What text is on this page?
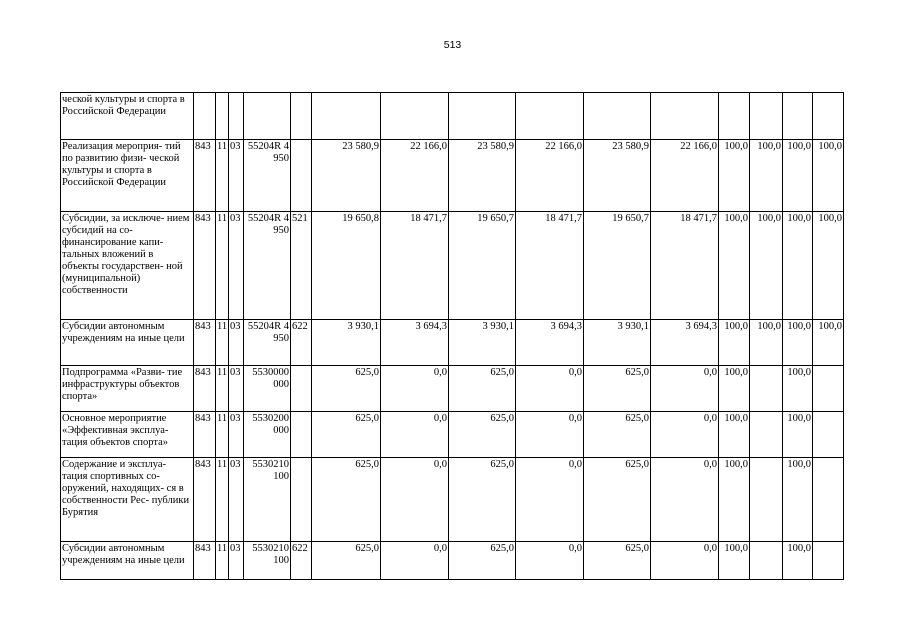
513
ческой культуры и спорта в Российской Федерации															
Реализация мероприя- тий по развитию физи- ческой культуры и спорта в Российской Федерации	843	11	03	55204R 4950		23 580,9	22 166,0	23 580,9	22 166,0	23 580,9	22 166,0	100,0	100,0	100,0	100,0
Субсидии, за исключе- нием субсидий на со- финансирование капи- тальных вложений в объекты государствен- ной (муниципальной) собственности	843	11	03	55204R 4950	521	19 650,8	18 471,7	19 650,7	18 471,7	19 650,7	18 471,7	100,0	100,0	100,0	100,0
Субсидии автономным учреждениям на иные цели	843	11	03	55204R 4950	622	3 930,1	3 694,3	3 930,1	3 694,3	3 930,1	3 694,3	100,0	100,0	100,0	100,0
Подпрограмма «Разви- тие инфраструктуры объектов спорта»	843	11	03	5530000 000		625,0	0,0	625,0	0,0	625,0	0,0	100,0		100,0	
Основное мероприятие «Эффективная эксплуа- тация объектов спорта»	843	11	03	5530200 000		625,0	0,0	625,0	0,0	625,0	0,0	100,0		100,0	
Содержание и эксплуа- тация спортивных со- оружений, находящих- ся в собственности Рес- публики Бурятия	843	11	03	5530210 100		625,0	0,0	625,0	0,0	625,0	0,0	100,0		100,0	
Субсидии автономным учреждениям на иные цели	843	11	03	5530210 100	622	625,0	0,0	625,0	0,0	625,0	0,0	100,0		100,0	
